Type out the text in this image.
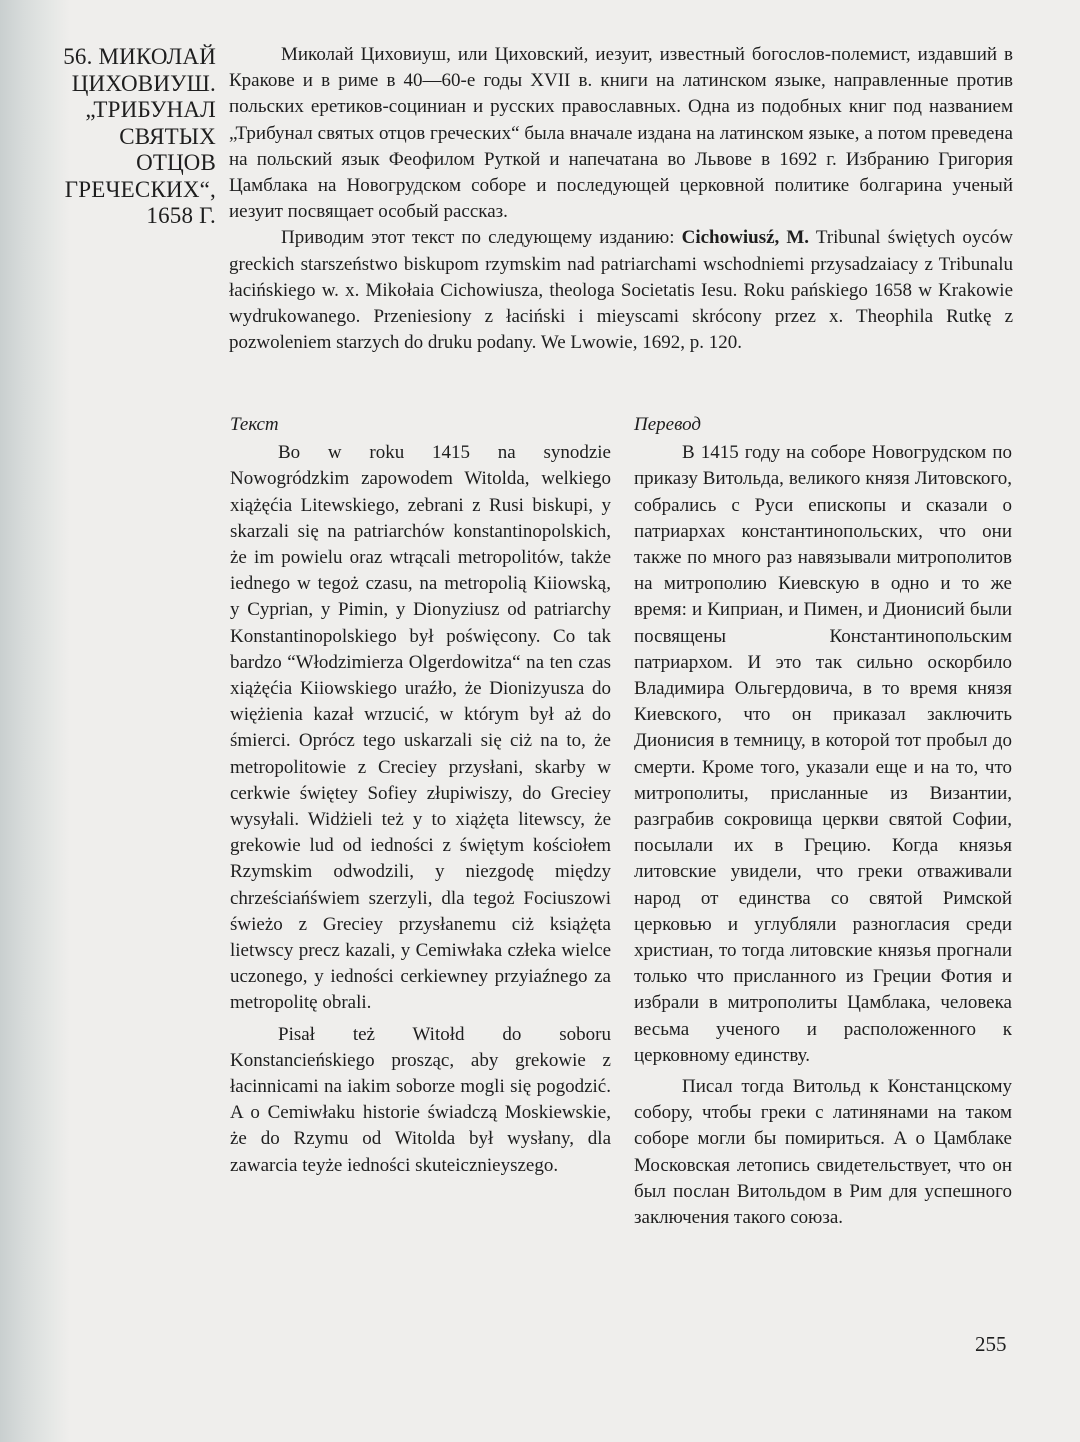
56. МИКОЛАЙ
ЦИХОВИУШ.
„ТРИБУНАЛ
СВЯТЫХ
ОТЦОВ
ГРЕЧЕСКИХ“,
1658 Г.

Миколай Циховиуш, или Циховский, иезуит, известный богослов-полемист, издавший в Кракове и в риме в 40—60-е годы XVII в. книги на латинском языке, направленные против польских еретиков-социниан и русских православных. Одна из подобных книг под названием „Трибунал святых отцов греческих“ была вначале издана на латинском языке, а потом преведена на польский язык Феофилом Руткой и напечатана во Львове в 1692 г. Избранию Григория Цамблака на Новогрудском соборе и последующей церковной политике болгарина ученый иезуит посвящает особый рассказ.

Приводим этот текст по следующему изданию: Cichowiusź, M. Tribunal świętych oyców greckich starszeństwo biskupom rzymskim nad patriarchami wschodniemi przysadzaiacy z Tribunalu łacińskiego w. x. Mikołaia Cichowiusza, theologa Societatis Iesu. Roku pańskiego 1658 w Krakowie wydrukowanego. Przeniesiony z łaciński i mieyscami skrócony przez x. Theophila Rutkę z pozwoleniem starzych do druku podany. We Lwowie, 1692, p. 120.

Текст

Bo w roku 1415 na synodzie Nowogródzkim zapowodem Witolda, welkiego xiążęćia Litewskiego, zebrani z Rusi biskupi, y skarzali się na patriarchów konstantinopolskich, że im powielu oraz wtrącali metropolitów, także iednego w tegoż czasu, na metropolią Kiiowską, y Cyprian, y Pimin, y Dionyziusz od patriarchy Konstantinopolskiego był poświęcony. Co tak bardzo “Włodzimierza Olgerdowitza“ na ten czas xiążęćia Kiiowskiego uraźło, że Dionizyusza do więżienia kazał wrzucić, w którym był aż do śmierci. Oprócz tego uskarzali się ciż na to, że metropolitowie z Creciey przysłani, skarby w cerkwie świętey Sofiey złupiwiszy, do Greciey wysyłali. Widżieli też y to xiążęta litewscy, że grekowie lud od iedności z świętym kościołem Rzymskim odwodzili, y niezgodę między chrześciańświem szerzyli, dla tegoż Fociuszowi świeżo z Greciey przysłanemu ciż książęta lietwscy precz kazali, y Cemiwłaka człeka wielce uczonego, y iedności cerkiewney przyiaźnego za metropolitę obrali.

Pisał też Witołd do soboru Konstancieńskiego prosząc, aby grekowie z łacinnicami na iakim soborze mogli się pogodzić. A o Cemiwłaku historie świadczą Moskiewskie, że do Rzymu od Witolda był wysłany, dla zawarcia teyże iedności skuteicznieyszego.

Перевод

В 1415 году на соборе Новогрудском по приказу Витольда, великого князя Литовского, собрались с Руси епископы и сказали о патриархах константинопольских, что они также по много раз навязывали митрополитов на митрополию Киевскую в одно и то же время: и Киприан, и Пимен, и Дионисий были посвящены Константинопольским патриархом. И это так сильно оскорбило Владимира Ольгердовича, в то время князя Киевского, что он приказал заключить Дионисия в темницу, в которой тот пробыл до смерти. Кроме того, указали еще и на то, что митрополиты, присланные из Византии, разграбив сокровища церкви святой Софии, посылали их в Грецию. Когда князья литовские увидели, что греки отваживали народ от единства со святой Римской церковью и углубляли разногласия среди христиан, то тогда литовские князья прогнали только что присланного из Греции Фотия и избрали в митрополиты Цамблака, человека весьма ученого и расположенного к церковному единству.

Писал тогда Витольд к Констанцскому собору, чтобы греки с латинянами на таком соборе могли бы помириться. А о Цамблаке Московская летопись свидетельствует, что он был послан Витольдом в Рим для успешного заключения такого союза.

255
